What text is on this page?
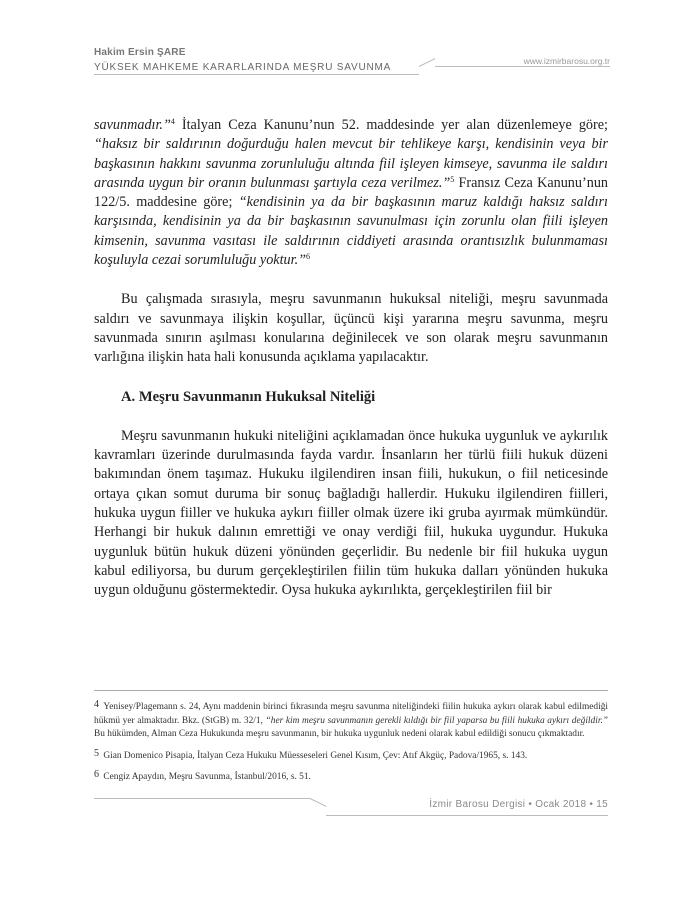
Hakim Ersin ŞARE
YÜKSEK MAHKEME KARARLARINDA MEŞRU SAVUNMA
www.izmirbarosu.org.tr

savunmadır.”$^4$ İtalyan Ceza Kanunu’nun 52. maddesinde yer alan düzenlemeye göre; “haksız bir saldırının doğurduğu halen mevcut bir tehlikeye karşı, kendisinin veya bir başkasının hakkını savunma zorunluluğu altında fiil işleyen kimseye, savunma ile saldırı arasında uygun bir oranın bulunması şartıyla ceza verilmez.”$^5$ Fransız Ceza Kanunu’nun 122/5. maddesine göre; “kendisinin ya da bir başkasının maruz kaldığı haksız saldırı karşısında, kendisinin ya da bir başkasının savunulması için zorunlu olan fiili işleyen kimsenin, savunma vasıtası ile saldırının ciddiyeti arasında orantısızlık bulunmaması koşuluyla cezai sorumluluğu yoktur.”$^6$

Bu çalışmada sırasıyla, meşru savunmanın hukuksal niteliği, meşru savunmada saldırı ve savunmaya ilişkin koşullar, üçüncü kişi yararına meşru savunma, meşru savunmada sınırın aşılması konularına değinilecek ve son olarak meşru savunmanın varlığına ilişkin hata hali konusunda açıklama yapılacaktır.

A. Meşru Savunmanın Hukuksal Niteliği

Meşru savunmanın hukuki niteliğini açıklamadan önce hukuka uygunluk ve aykırılık kavramları üzerinde durulmasında fayda vardır. İnsanların her türlü fiili hukuk düzeni bakımından önem taşımaz. Hukuku ilgilendiren insan fiili, hukukun, o fiil neticesinde ortaya çıkan somut duruma bir sonuç bağladığı hallerdir. Hukuku ilgilendiren fiilleri, hukuka uygun fiiller ve hukuka aykırı fiiller olmak üzere iki gruba ayırmak mümkündür. Herhangi bir hukuk dalının emrettiği ve onay verdiği fiil, hukuka uygundur. Hukuka uygunluk bütün hukuk düzeni yönünden geçerlidir. Bu nedenle bir fiil hukuka uygun kabul ediliyorsa, bu durum gerçekleştirilen fiilin tüm hukuka dalları yönünden hukuka uygun olduğunu göstermektedir. Oysa hukuka aykırılıkta, gerçekleştirilen fiil bir

4 Yenisey/Plagemann s. 24, Aynı maddenin birinci fıkrasında meşru savunma niteliğindeki fiilin hukuka aykırı olarak kabul edilmediği hükmü yer almaktadır. Bkz. (StGB) m. 32/1, “her kim meşru savunmanın gerekli kıldığı bir fiil yaparsa bu fiili hukuka aykırı değildir.” Bu hükümden, Alman Ceza Hukukunda meşru savunmanın, bir hukuka uygunluk nedeni olarak kabul edildiği sonucu çıkmaktadır.

5 Gian Domenico Pisapia, İtalyan Ceza Hukuku Müesseseleri Genel Kısım, Çev: Atıf Akgüç, Padova/1965, s. 143.

6 Cengiz Apaydın, Meşru Savunma, İstanbul/2016, s. 51.

İzmir Barosu Dergisi • Ocak 2018 • 15
